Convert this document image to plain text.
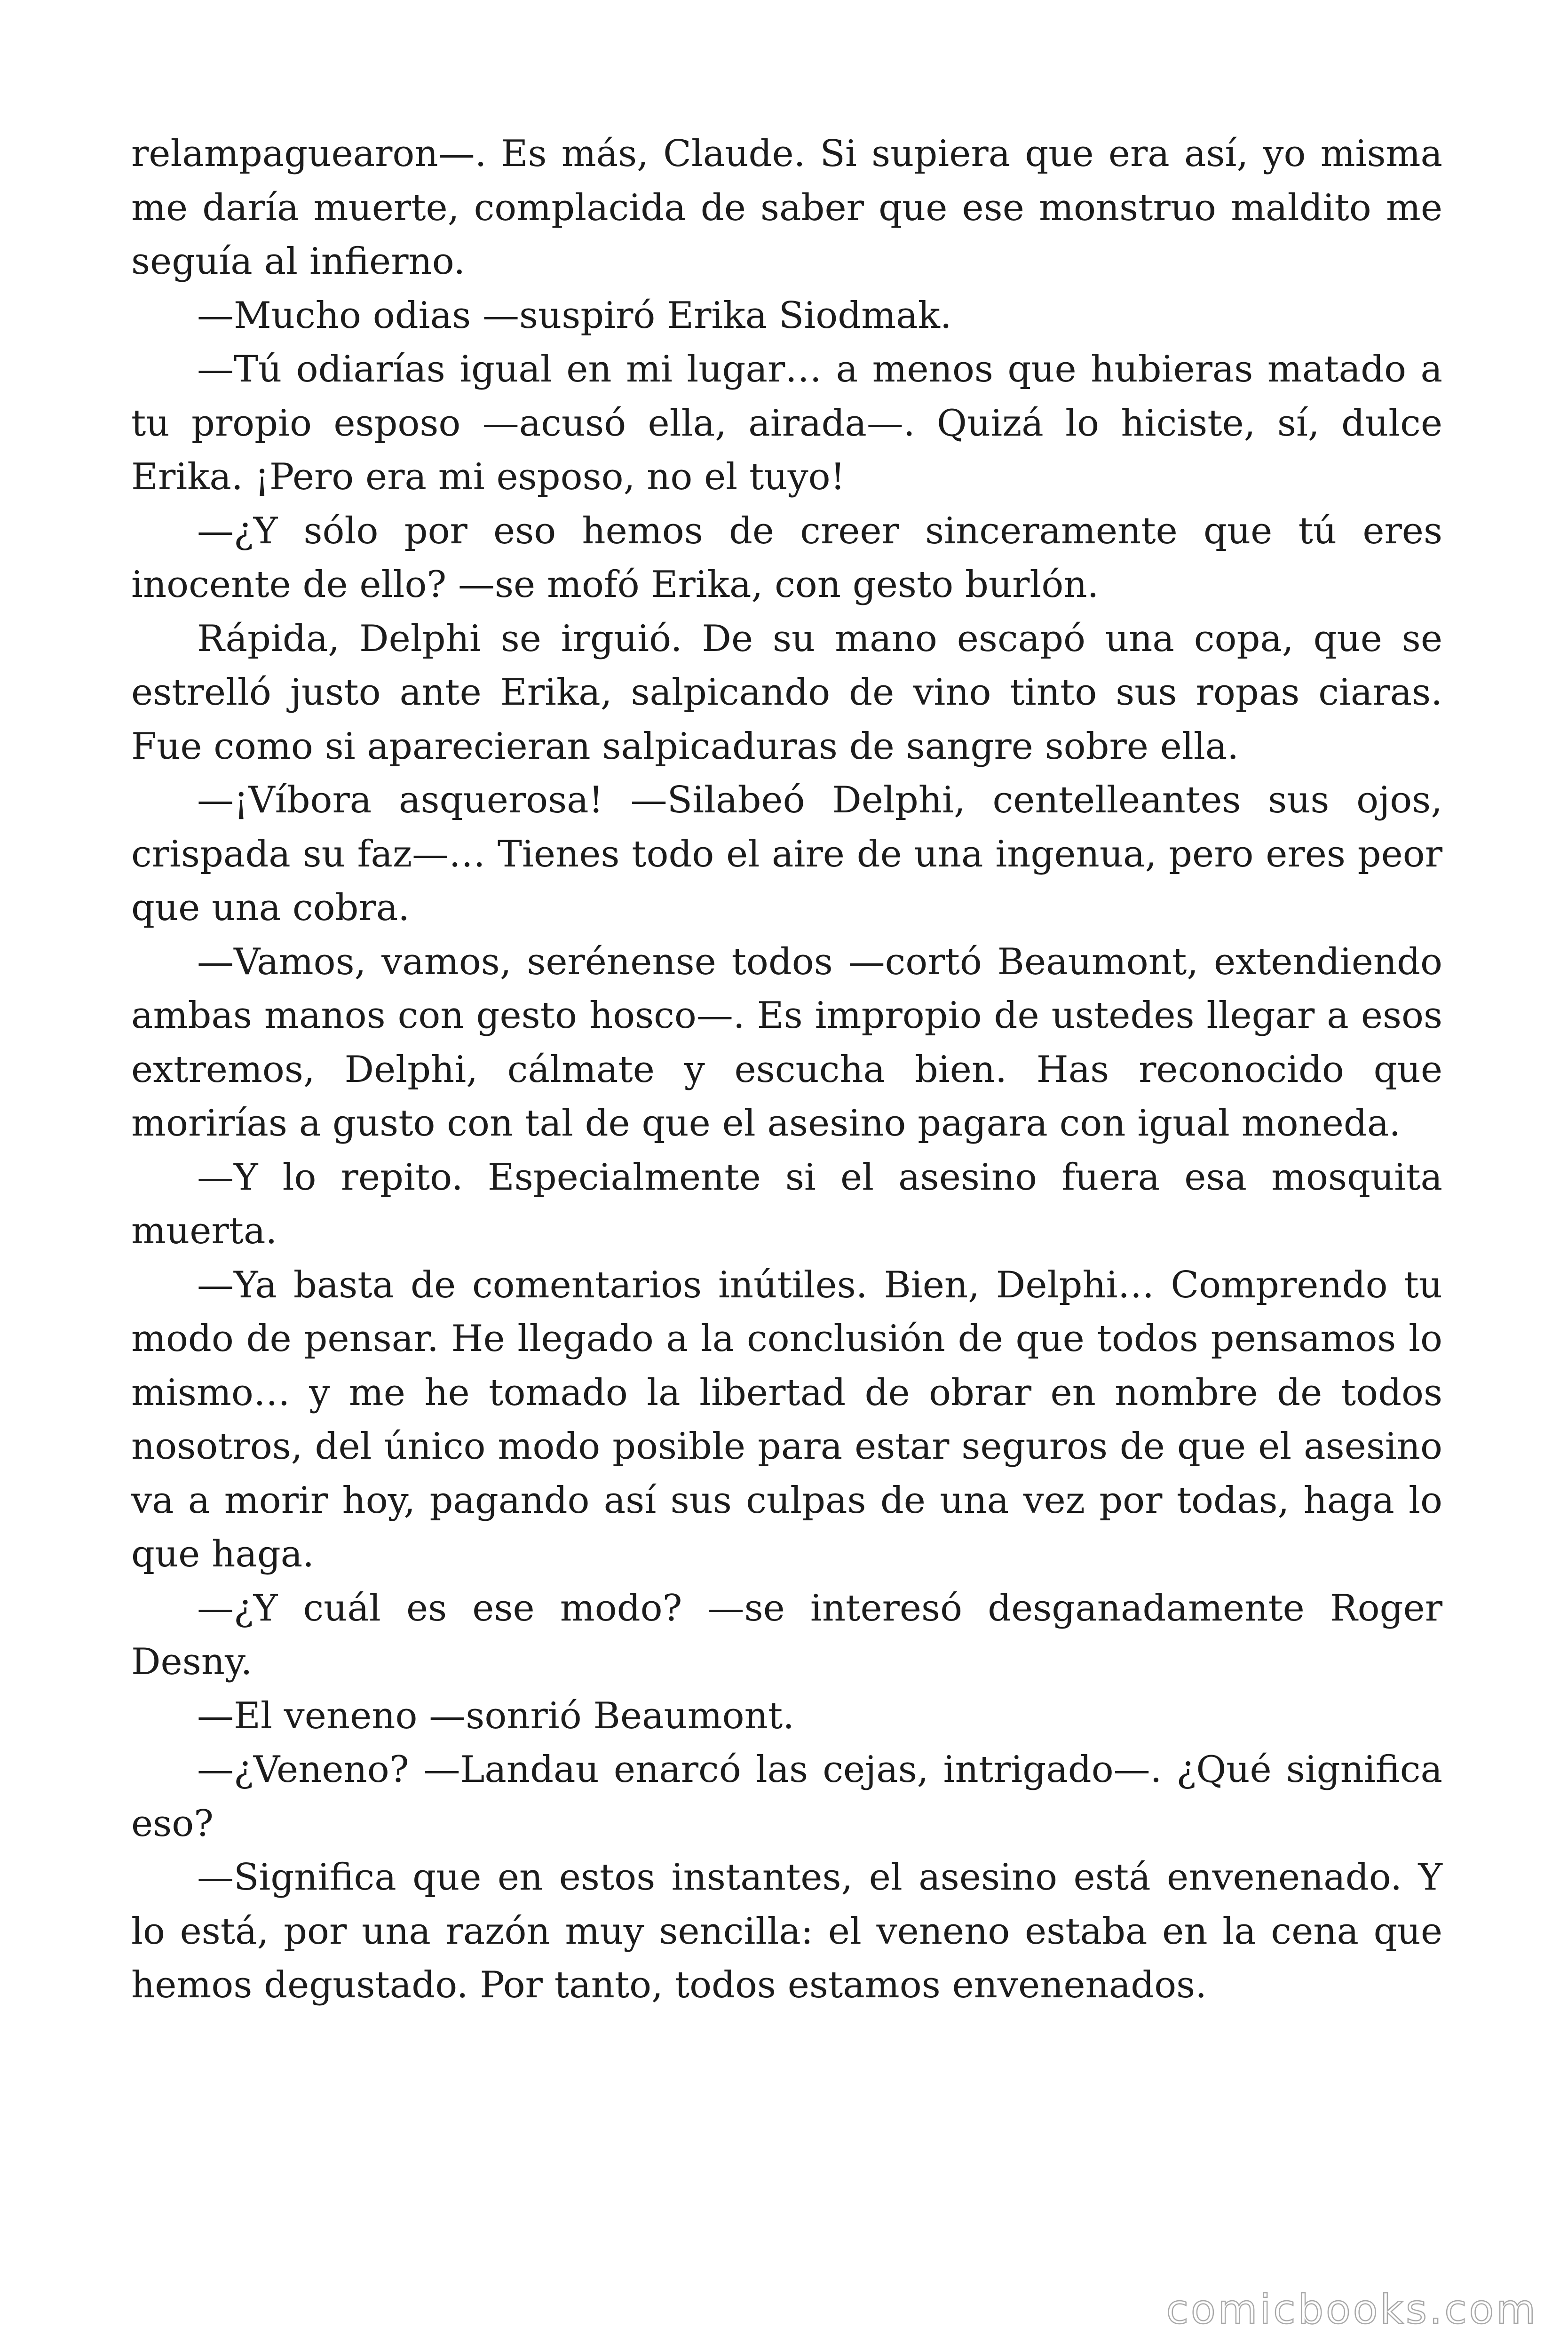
relampaguearon—. Es más, Claude. Si supiera que era así, yo misma me daría muerte, complacida de saber que ese monstruo maldito me seguía al infierno.

—Mucho odias —suspiró Erika Siodmak.

—Tú odiarías igual en mi lugar… a menos que hubieras matado a tu propio esposo —acusó ella, airada—. Quizá lo hiciste, sí, dulce Erika. ¡Pero era mi esposo, no el tuyo!

—¿Y sólo por eso hemos de creer sinceramente que tú eres inocente de ello? —se mofó Erika, con gesto burlón.

Rápida, Delphi se irguió. De su mano escapó una copa, que se estrelló justo ante Erika, salpicando de vino tinto sus ropas ciaras. Fue como si aparecieran salpicaduras de sangre sobre ella.

—¡Víbora asquerosa! —Silabeó Delphi, centelleantes sus ojos, crispada su faz—… Tienes todo el aire de una ingenua, pero eres peor que una cobra.

—Vamos, vamos, serénense todos —cortó Beaumont, extendiendo ambas manos con gesto hosco—. Es impropio de ustedes llegar a esos extremos, Delphi, cálmate y escucha bien. Has reconocido que morirías a gusto con tal de que el asesino pagara con igual moneda.

—Y lo repito. Especialmente si el asesino fuera esa mosquita muerta.

—Ya basta de comentarios inútiles. Bien, Delphi… Comprendo tu modo de pensar. He llegado a la conclusión de que todos pensamos lo mismo… y me he tomado la libertad de obrar en nombre de todos nosotros, del único modo posible para estar seguros de que el asesino va a morir hoy, pagando así sus culpas de una vez por todas, haga lo que haga.

—¿Y cuál es ese modo? —se interesó desganadamente Roger Desny.

—El veneno —sonrió Beaumont.

—¿Veneno? —Landau enarcó las cejas, intrigado—. ¿Qué significa eso?

—Significa que en estos instantes, el asesino está envenenado. Y lo está, por una razón muy sencilla: el veneno estaba en la cena que hemos degustado. Por tanto, todos estamos envenenados.

comicbooks.com
